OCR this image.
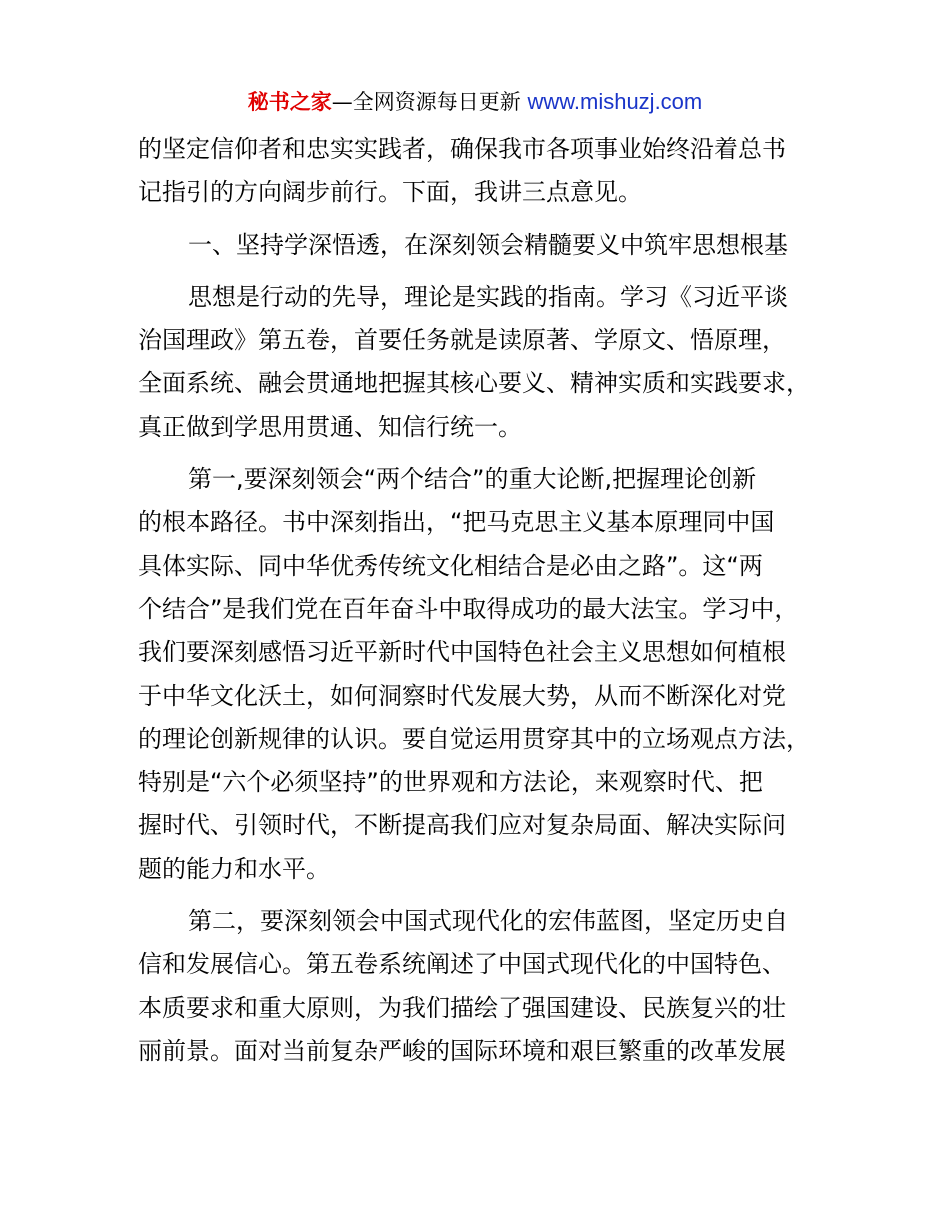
秘书之家—全网资源每日更新 www.mishuzj.com
的坚定信仰者和忠实实践者，确保我市各项事业始终沿着总书
记指引的方向阔步前行。下面，我讲三点意见。
一、坚持学深悟透，在深刻领会精髓要义中筑牢思想根基
思想是行动的先导，理论是实践的指南。学习《习近平谈
治国理政》第五卷，首要任务就是读原著、学原文、悟原理，
全面系统、融会贯通地把握其核心要义、精神实质和实践要求，
真正做到学思用贯通、知信行统一。
第一,要深刻领会“两个结合”的重大论断,把握理论创新
的根本路径。书中深刻指出，“把马克思主义基本原理同中国
具体实际、同中华优秀传统文化相结合是必由之路”。这“两
个结合”是我们党在百年奋斗中取得成功的最大法宝。学习中，
我们要深刻感悟习近平新时代中国特色社会主义思想如何植根
于中华文化沃土，如何洞察时代发展大势，从而不断深化对党
的理论创新规律的认识。要自觉运用贯穿其中的立场观点方法，
特别是“六个必须坚持”的世界观和方法论，来观察时代、把
握时代、引领时代，不断提高我们应对复杂局面、解决实际问
题的能力和水平。
第二，要深刻领会中国式现代化的宏伟蓝图，坚定历史自
信和发展信心。第五卷系统阐述了中国式现代化的中国特色、
本质要求和重大原则，为我们描绘了强国建设、民族复兴的壮
丽前景。面对当前复杂严峻的国际环境和艰巨繁重的改革发展
